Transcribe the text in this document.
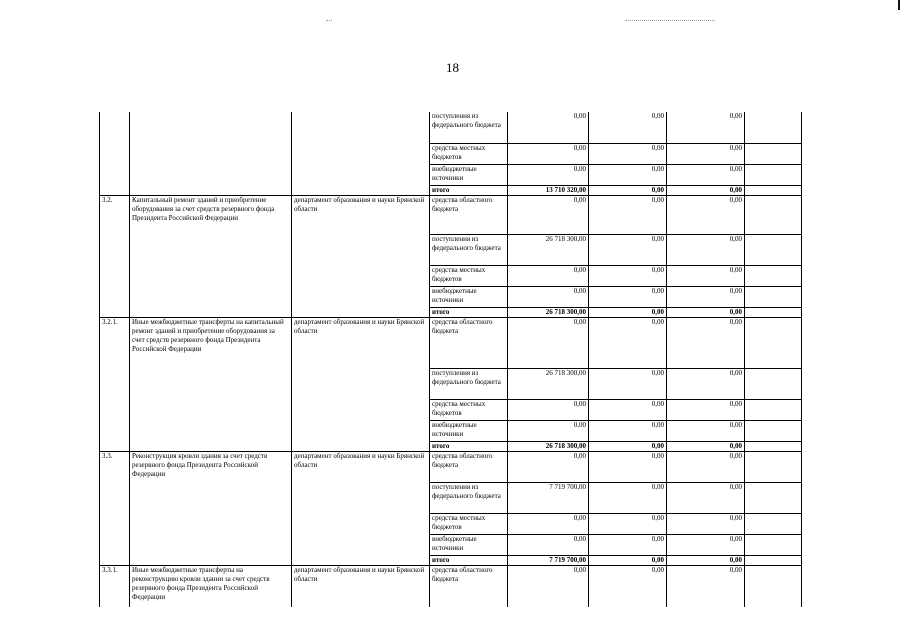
18
			поступления из федерального бюджета	0,00	0,00	0,00	
			средства местных бюджетов	0,00	0,00	0,00	
			внебюджетные источники	0,00	0,00	0,00	
			итого	13 710 320,00	0,00	0,00	
3.2.	Капитальный ремонт зданий и приобретение оборудования за счет средств резервного фонда Президента Российской Федерации	департамент образования и науки Брянской области	средства областного бюджета	0,00	0,00	0,00	
			поступления из федерального бюджета	26 718 300,00	0,00	0,00	
			средства местных бюджетов	0,00	0,00	0,00	
			внебюджетные источники	0,00	0,00	0,00	
			итого	26 718 300,00	0,00	0,00	
3.2.1.	Иные межбюджетные трансферты на капитальный ремонт зданий и приобретение оборудования за счет средств резервного фонда Президента Российской Федерации	департамент образования и науки Брянской области	средства областного бюджета	0,00	0,00	0,00	
			поступления из федерального бюджета	26 718 300,00	0,00	0,00	
			средства местных бюджетов	0,00	0,00	0,00	
			внебюджетные источники	0,00	0,00	0,00	
			итого	26 718 300,00	0,00	0,00	
3.3.	Реконструкция кровли здания за счет средств резервного фонда Президента Российской Федерации	департамент образования и науки Брянской области	средства областного бюджета	0,00	0,00	0,00	
			поступления из федерального бюджета	7 719 700,00	0,00	0,00	
			средства местных бюджетов	0,00	0,00	0,00	
			внебюджетные источники	0,00	0,00	0,00	
			итого	7 719 700,00	0,00	0,00	
3.3.1.	Иные межбюджетные трансферты на реконструкцию кровли здании за счет средств резервного фонда Президента Российской Федерации	департамент образования и науки Брянской области	средства областного бюджета	0,00	0,00	0,00	
